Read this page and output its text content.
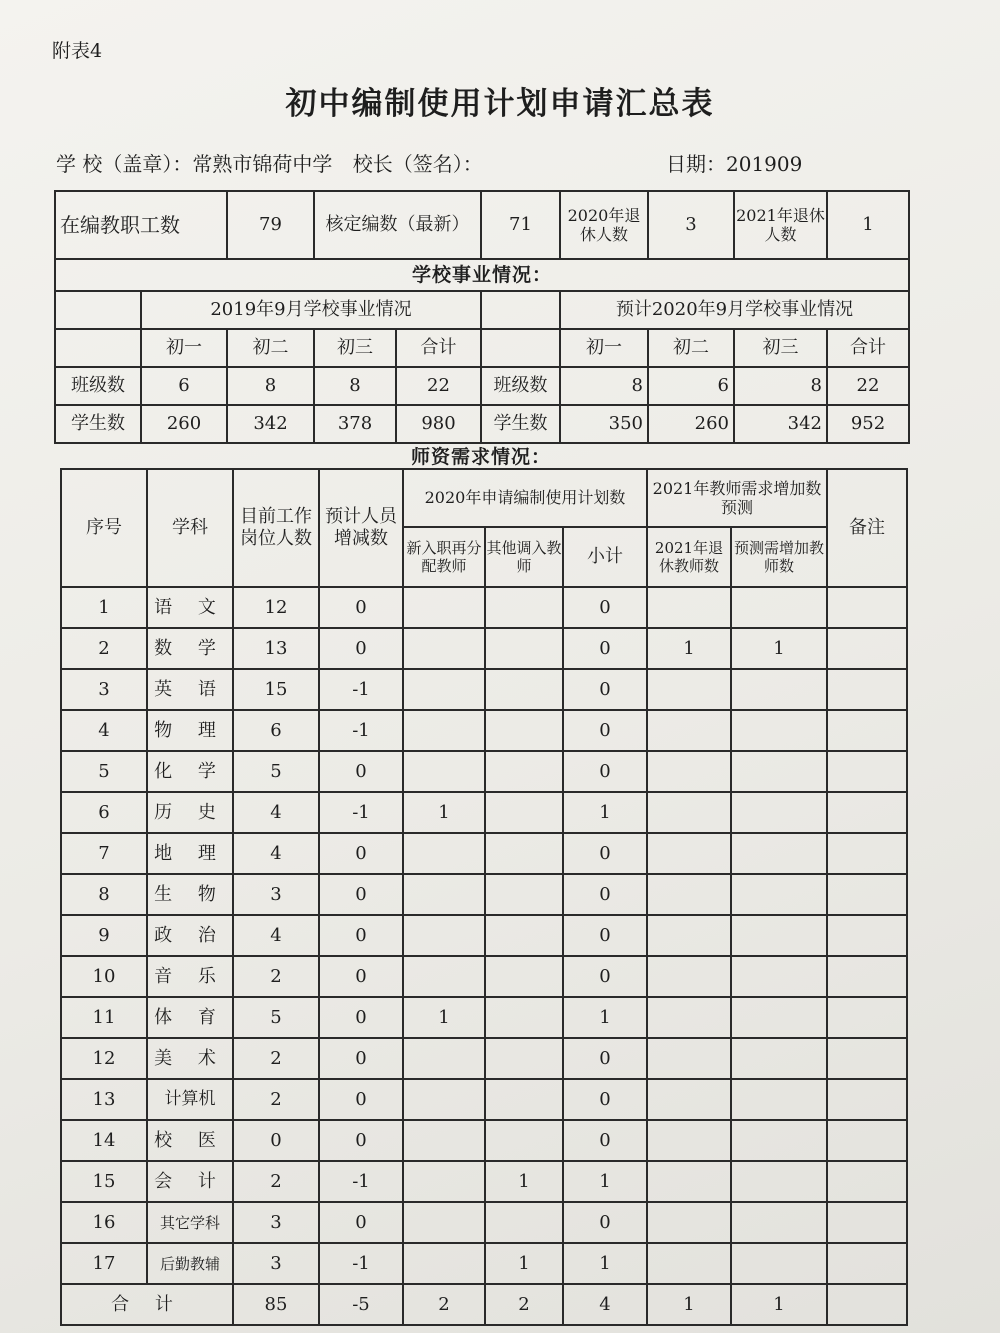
附表4
初中编制使用计划申请汇总表
学 校（盖章）：常熟市锦荷中学 校长（签名）：	日期：201909
在编教职工数		79	核定编数（最新）		71	2020年退休人数	3	2021年退休人数	1
学校事业情况：									
	2019年9月学校事业情况					预计2020年9月学校事业情况			
	初一	初二	初三	合计		初一	初二	初三	合计
班级数	6	8	8	22	班级数	8	6	8	22
学生数	260	342	378	980	学生数	350	260	342	952
师资需求情况：
序号	学科	目前工作岗位人数	预计人员增减数	2020年申请编制使用计划数			2021年教师需求增加数预测		备注
				新入职再分配教师	其他调入教师	小计	2021年退休教师数	预测需增加教师数	
1	语 文	12	0			0			
2	数 学	13	0			0	1	1	
3	英 语	15	-1			0			
4	物 理	6	-1			0			
5	化 学	5	0			0			
6	历 史	4	-1	1		1			
7	地 理	4	0			0			
8	生 物	3	0			0			
9	政 治	4	0			0			
10	音 乐	2	0			0			
11	体 育	5	0	1		1			
12	美 术	2	0			0			
13	计算机	2	0			0			
14	校 医	0	0			0			
15	会 计	2	-1		1	1			
16	其它学科	3	0			0			
17	后勤教辅	3	-1		1	1			
合 计		85	-5	2	2	4	1	1	
